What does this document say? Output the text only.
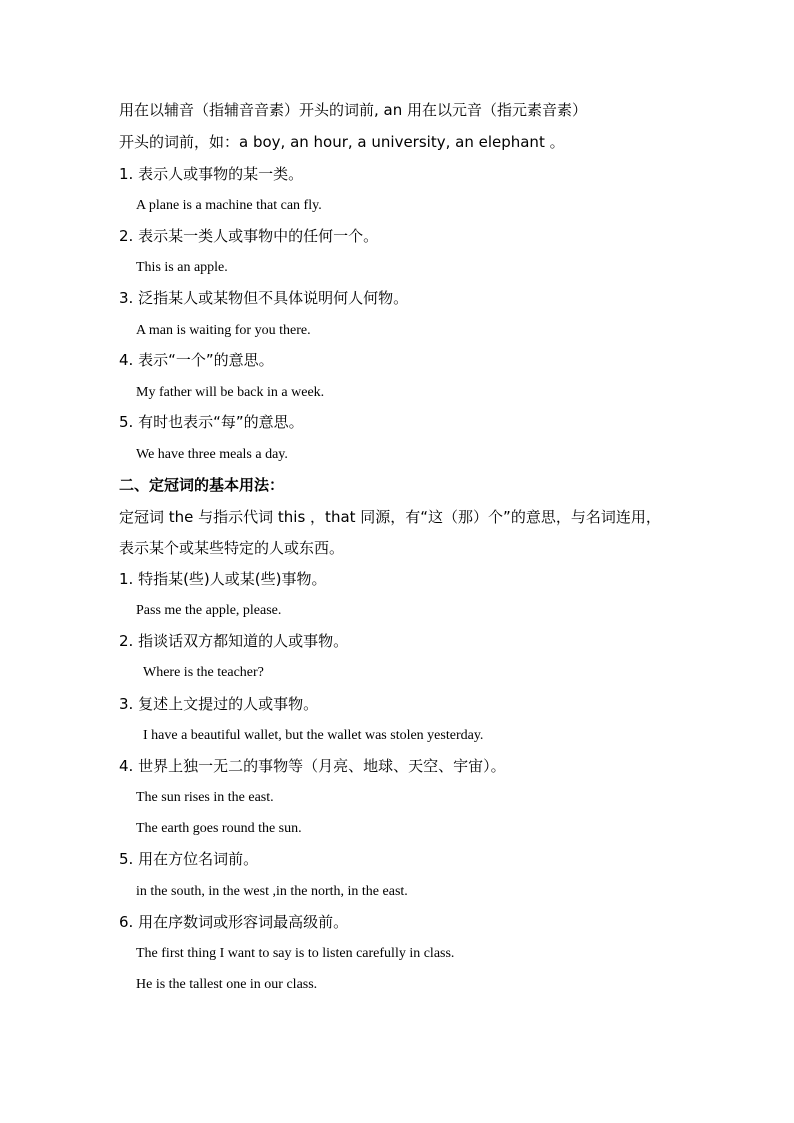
用在以辅音（指辅音音素）开头的词前, an 用在以元音（指元素音素）
开头的词前，如：a boy, an hour, a university, an elephant 。
1. 表示人或事物的某一类。
A plane is a machine that can fly.
2. 表示某一类人或事物中的任何一个。
This is an apple.
3. 泛指某人或某物但不具体说明何人何物。
A man is waiting for you there.
4. 表示“一个”的意思。
My father will be back in a week.
5. 有时也表示“每”的意思。
We have three meals a day.
二、定冠词的基本用法：
定冠词 the 与指示代词 this ，that 同源，有“这（那）个”的意思，与名词连用，
表示某个或某些特定的人或东西。
1. 特指某(些)人或某(些)事物。
Pass me the apple, please.
2. 指谈话双方都知道的人或事物。
Where is the teacher?
3. 复述上文提过的人或事物。
I have a beautiful wallet, but the wallet was stolen yesterday.
4. 世界上独一无二的事物等（月亮、地球、天空、宇宙）。
The sun rises in the east.
The earth goes round the sun.
5. 用在方位名词前。
in the south, in the west ,in the north, in the east.
6. 用在序数词或形容词最高级前。
The first thing I want to say is to listen carefully in class.
He is the tallest one in our class.
